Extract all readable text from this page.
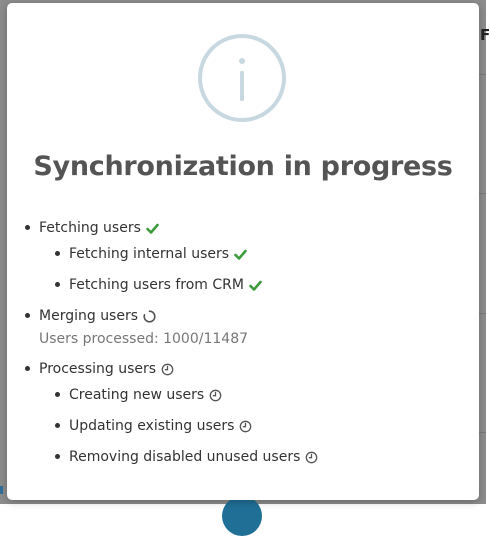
F
Synchronization in progress
Fetching users
Fetching internal users
Fetching users from CRM
Merging users
Users processed: 1000/11487
Processing users
Creating new users
Updating existing users
Removing disabled unused users
